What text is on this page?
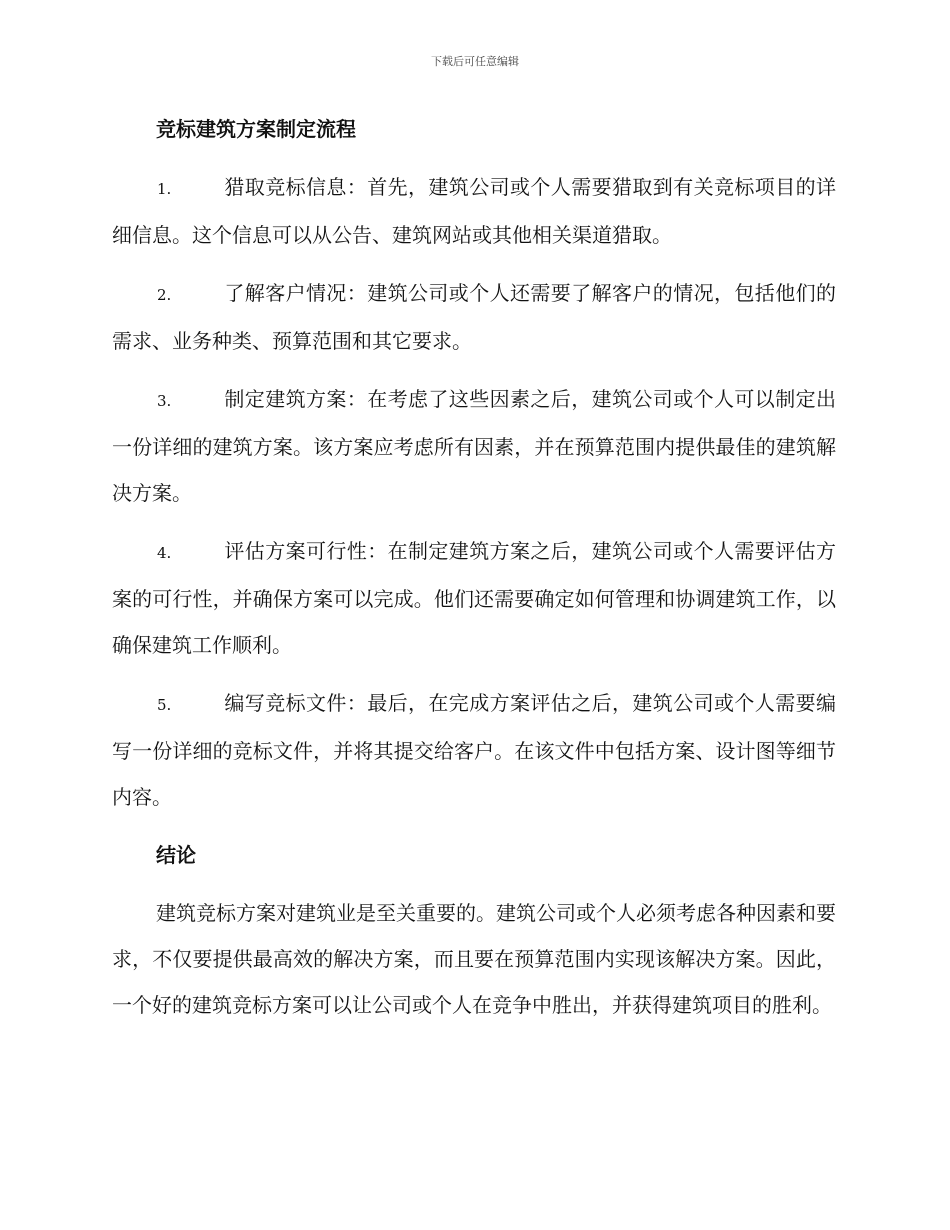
下载后可任意编辑
竞标建筑方案制定流程
1.	猎取竞标信息：首先，建筑公司或个人需要猎取到有关竞标项目的详细信息。这个信息可以从公告、建筑网站或其他相关渠道猎取。
2.	了解客户情况：建筑公司或个人还需要了解客户的情况，包括他们的需求、业务种类、预算范围和其它要求。
3.	制定建筑方案：在考虑了这些因素之后，建筑公司或个人可以制定出一份详细的建筑方案。该方案应考虑所有因素，并在预算范围内提供最佳的建筑解决方案。
4.	评估方案可行性：在制定建筑方案之后，建筑公司或个人需要评估方案的可行性，并确保方案可以完成。他们还需要确定如何管理和协调建筑工作，以确保建筑工作顺利。
5.	编写竞标文件：最后，在完成方案评估之后，建筑公司或个人需要编写一份详细的竞标文件，并将其提交给客户。在该文件中包括方案、设计图等细节内容。
结论
建筑竞标方案对建筑业是至关重要的。建筑公司或个人必须考虑各种因素和要求，不仅要提供最高效的解决方案，而且要在预算范围内实现该解决方案。因此，一个好的建筑竞标方案可以让公司或个人在竞争中胜出，并获得建筑项目的胜利。
